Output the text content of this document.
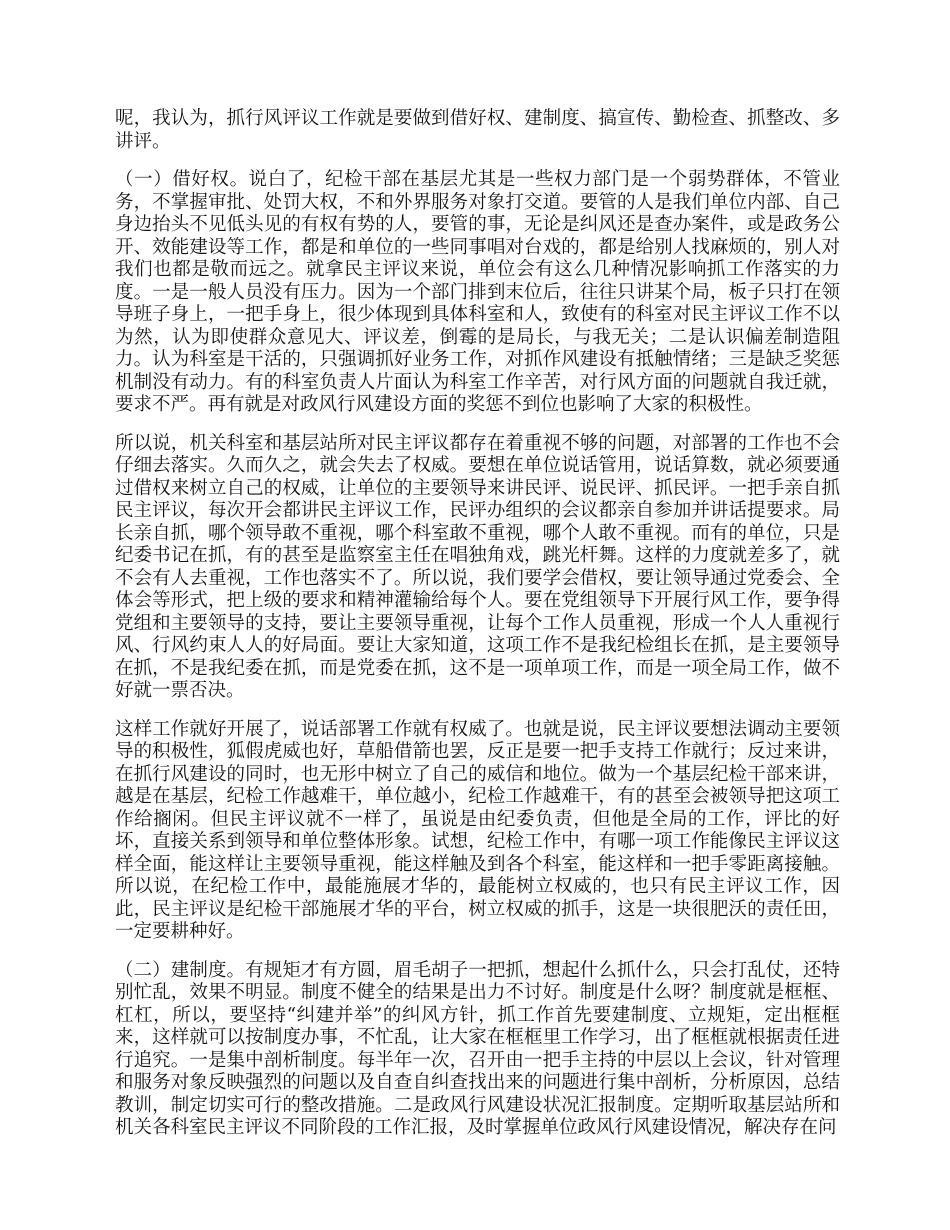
呢，我认为，抓行风评议工作就是要做到借好权、建制度、搞宣传、勤检查、抓整改、多讲评。

（一）借好权。说白了，纪检干部在基层尤其是一些权力部门是一个弱势群体，不管业务，不掌握审批、处罚大权，不和外界服务对象打交道。要管的人是我们单位内部、自己身边抬头不见低头见的有权有势的人，要管的事，无论是纠风还是查办案件，或是政务公开、效能建设等工作，都是和单位的一些同事唱对台戏的，都是给别人找麻烦的，别人对我们也都是敬而远之。就拿民主评议来说，单位会有这么几种情况影响抓工作落实的力度。一是一般人员没有压力。因为一个部门排到末位后，往往只讲某个局，板子只打在领导班子身上，一把手身上，很少体现到具体科室和人，致使有的科室对民主评议工作不以为然，认为即使群众意见大、评议差，倒霉的是局长，与我无关；二是认识偏差制造阻力。认为科室是干活的，只强调抓好业务工作，对抓作风建设有抵触情绪；三是缺乏奖惩机制没有动力。有的科室负责人片面认为科室工作辛苦，对行风方面的问题就自我迁就，要求不严。再有就是对政风行风建设方面的奖惩不到位也影响了大家的积极性。

所以说，机关科室和基层站所对民主评议都存在着重视不够的问题，对部署的工作也不会仔细去落实。久而久之，就会失去了权威。要想在单位说话管用，说话算数，就必须要通过借权来树立自己的权威，让单位的主要领导来讲民评、说民评、抓民评。一把手亲自抓民主评议，每次开会都讲民主评议工作，民评办组织的会议都亲自参加并讲话提要求。局长亲自抓，哪个领导敢不重视，哪个科室敢不重视，哪个人敢不重视。而有的单位，只是纪委书记在抓，有的甚至是监察室主任在唱独角戏，跳光杆舞。这样的力度就差多了，就不会有人去重视，工作也落实不了。所以说，我们要学会借权，要让领导通过党委会、全体会等形式，把上级的要求和精神灌输给每个人。要在党组领导下开展行风工作，要争得党组和主要领导的支持，要让主要领导重视，让每个工作人员重视，形成一个人人重视行风、行风约束人人的好局面。要让大家知道，这项工作不是我纪检组长在抓，是主要领导在抓，不是我纪委在抓，而是党委在抓，这不是一项单项工作，而是一项全局工作，做不好就一票否决。

这样工作就好开展了，说话部署工作就有权威了。也就是说，民主评议要想法调动主要领导的积极性，狐假虎威也好，草船借箭也罢，反正是要一把手支持工作就行；反过来讲，在抓行风建设的同时，也无形中树立了自己的威信和地位。做为一个基层纪检干部来讲，越是在基层，纪检工作越难干，单位越小，纪检工作越难干，有的甚至会被领导把这项工作给搁闲。但民主评议就不一样了，虽说是由纪委负责，但他是全局的工作，评比的好坏，直接关系到领导和单位整体形象。试想，纪检工作中，有哪一项工作能像民主评议这样全面，能这样让主要领导重视，能这样触及到各个科室，能这样和一把手零距离接触。所以说，在纪检工作中，最能施展才华的，最能树立权威的，也只有民主评议工作，因此，民主评议是纪检干部施展才华的平台，树立权威的抓手，这是一块很肥沃的责任田，一定要耕种好。

（二）建制度。有规矩才有方圆，眉毛胡子一把抓，想起什么抓什么，只会打乱仗，还特别忙乱，效果不明显。制度不健全的结果是出力不讨好。制度是什么呀？制度就是框框、杠杠，所以，要坚持“纠建并举”的纠风方针，抓工作首先要建制度、立规矩，定出框框来，这样就可以按制度办事，不忙乱，让大家在框框里工作学习，出了框框就根据责任进行追究。一是集中剖析制度。每半年一次，召开由一把手主持的中层以上会议，针对管理和服务对象反映强烈的问题以及自查自纠查找出来的问题进行集中剖析，分析原因，总结教训，制定切实可行的整改措施。二是政风行风建设状况汇报制度。定期听取基层站所和机关各科室民主评议不同阶段的工作汇报，及时掌握单位政风行风建设情况，解决存在问
